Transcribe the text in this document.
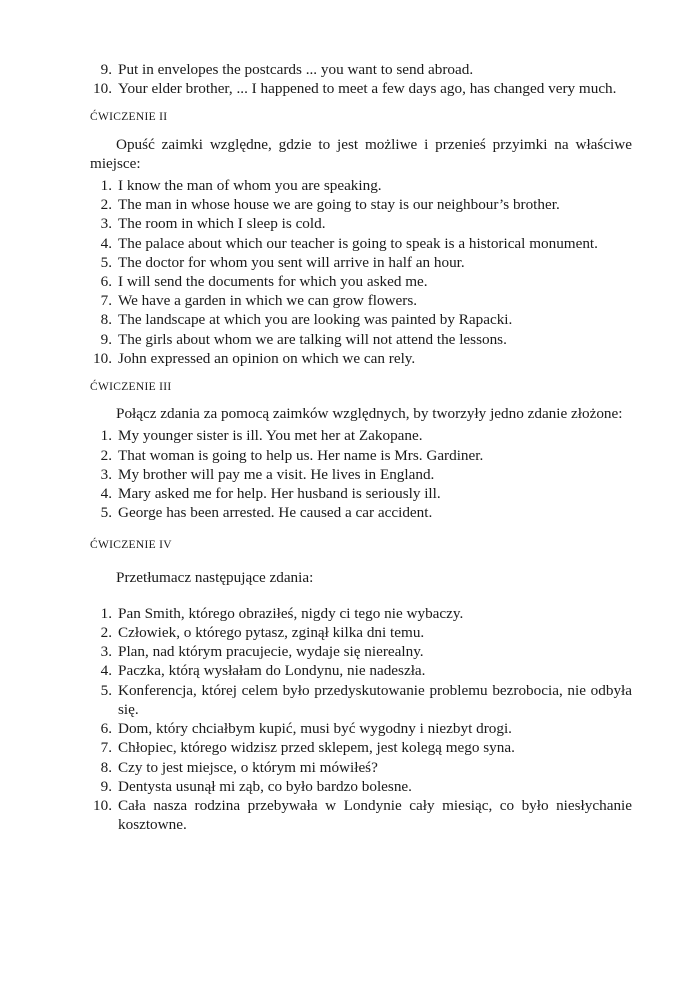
9. Put in envelopes the postcards ... you want to send abroad.
10. Your elder brother, ... I happened to meet a few days ago, has changed very much.
ĆWICZENIE II

Opuść zaimki względne, gdzie to jest możliwe i przenieś przyimki na właściwe miejsce:

1. I know the man of whom you are speaking.
2. The man in whose house we are going to stay is our neighbour’s brother.
3. The room in which I sleep is cold.
4. The palace about which our teacher is going to speak is a historical monument.
5. The doctor for whom you sent will arrive in half an hour.
6. I will send the documents for which you asked me.
7. We have a garden in which we can grow flowers.
8. The landscape at which you are looking was painted by Rapacki.
9. The girls about whom we are talking will not attend the lessons.
10. John expressed an opinion on which we can rely.
ĆWICZENIE III

Połącz zdania za pomocą zaimków względnych, by tworzyły jedno zdanie złożone:

1. My younger sister is ill. You met her at Zakopane.
2. That woman is going to help us. Her name is Mrs. Gardiner.
3. My brother will pay me a visit. He lives in England.
4. Mary asked me for help. Her husband is seriously ill.
5. George has been arrested. He caused a car accident.
ĆWICZENIE IV

Przetłumacz następujące zdania:

1. Pan Smith, którego obraziłeś, nigdy ci tego nie wybaczy.
2. Człowiek, o którego pytasz, zginął kilka dni temu.
3. Plan, nad którym pracujecie, wydaje się nierealny.
4. Paczka, którą wysłałam do Londynu, nie nadeszła.
5. Konferencja, której celem było przedyskutowanie problemu bezrobocia, nie odbyła się.
6. Dom, który chciałbym kupić, musi być wygodny i niezbyt drogi.
7. Chłopiec, którego widzisz przed sklepem, jest kolegą mego syna.
8. Czy to jest miejsce, o którym mi mówiłeś?
9. Dentysta usunął mi ząb, co było bardzo bolesne.
10. Cała nasza rodzina przebywała w Londynie cały miesiąc, co było niesłychanie kosztowne.
